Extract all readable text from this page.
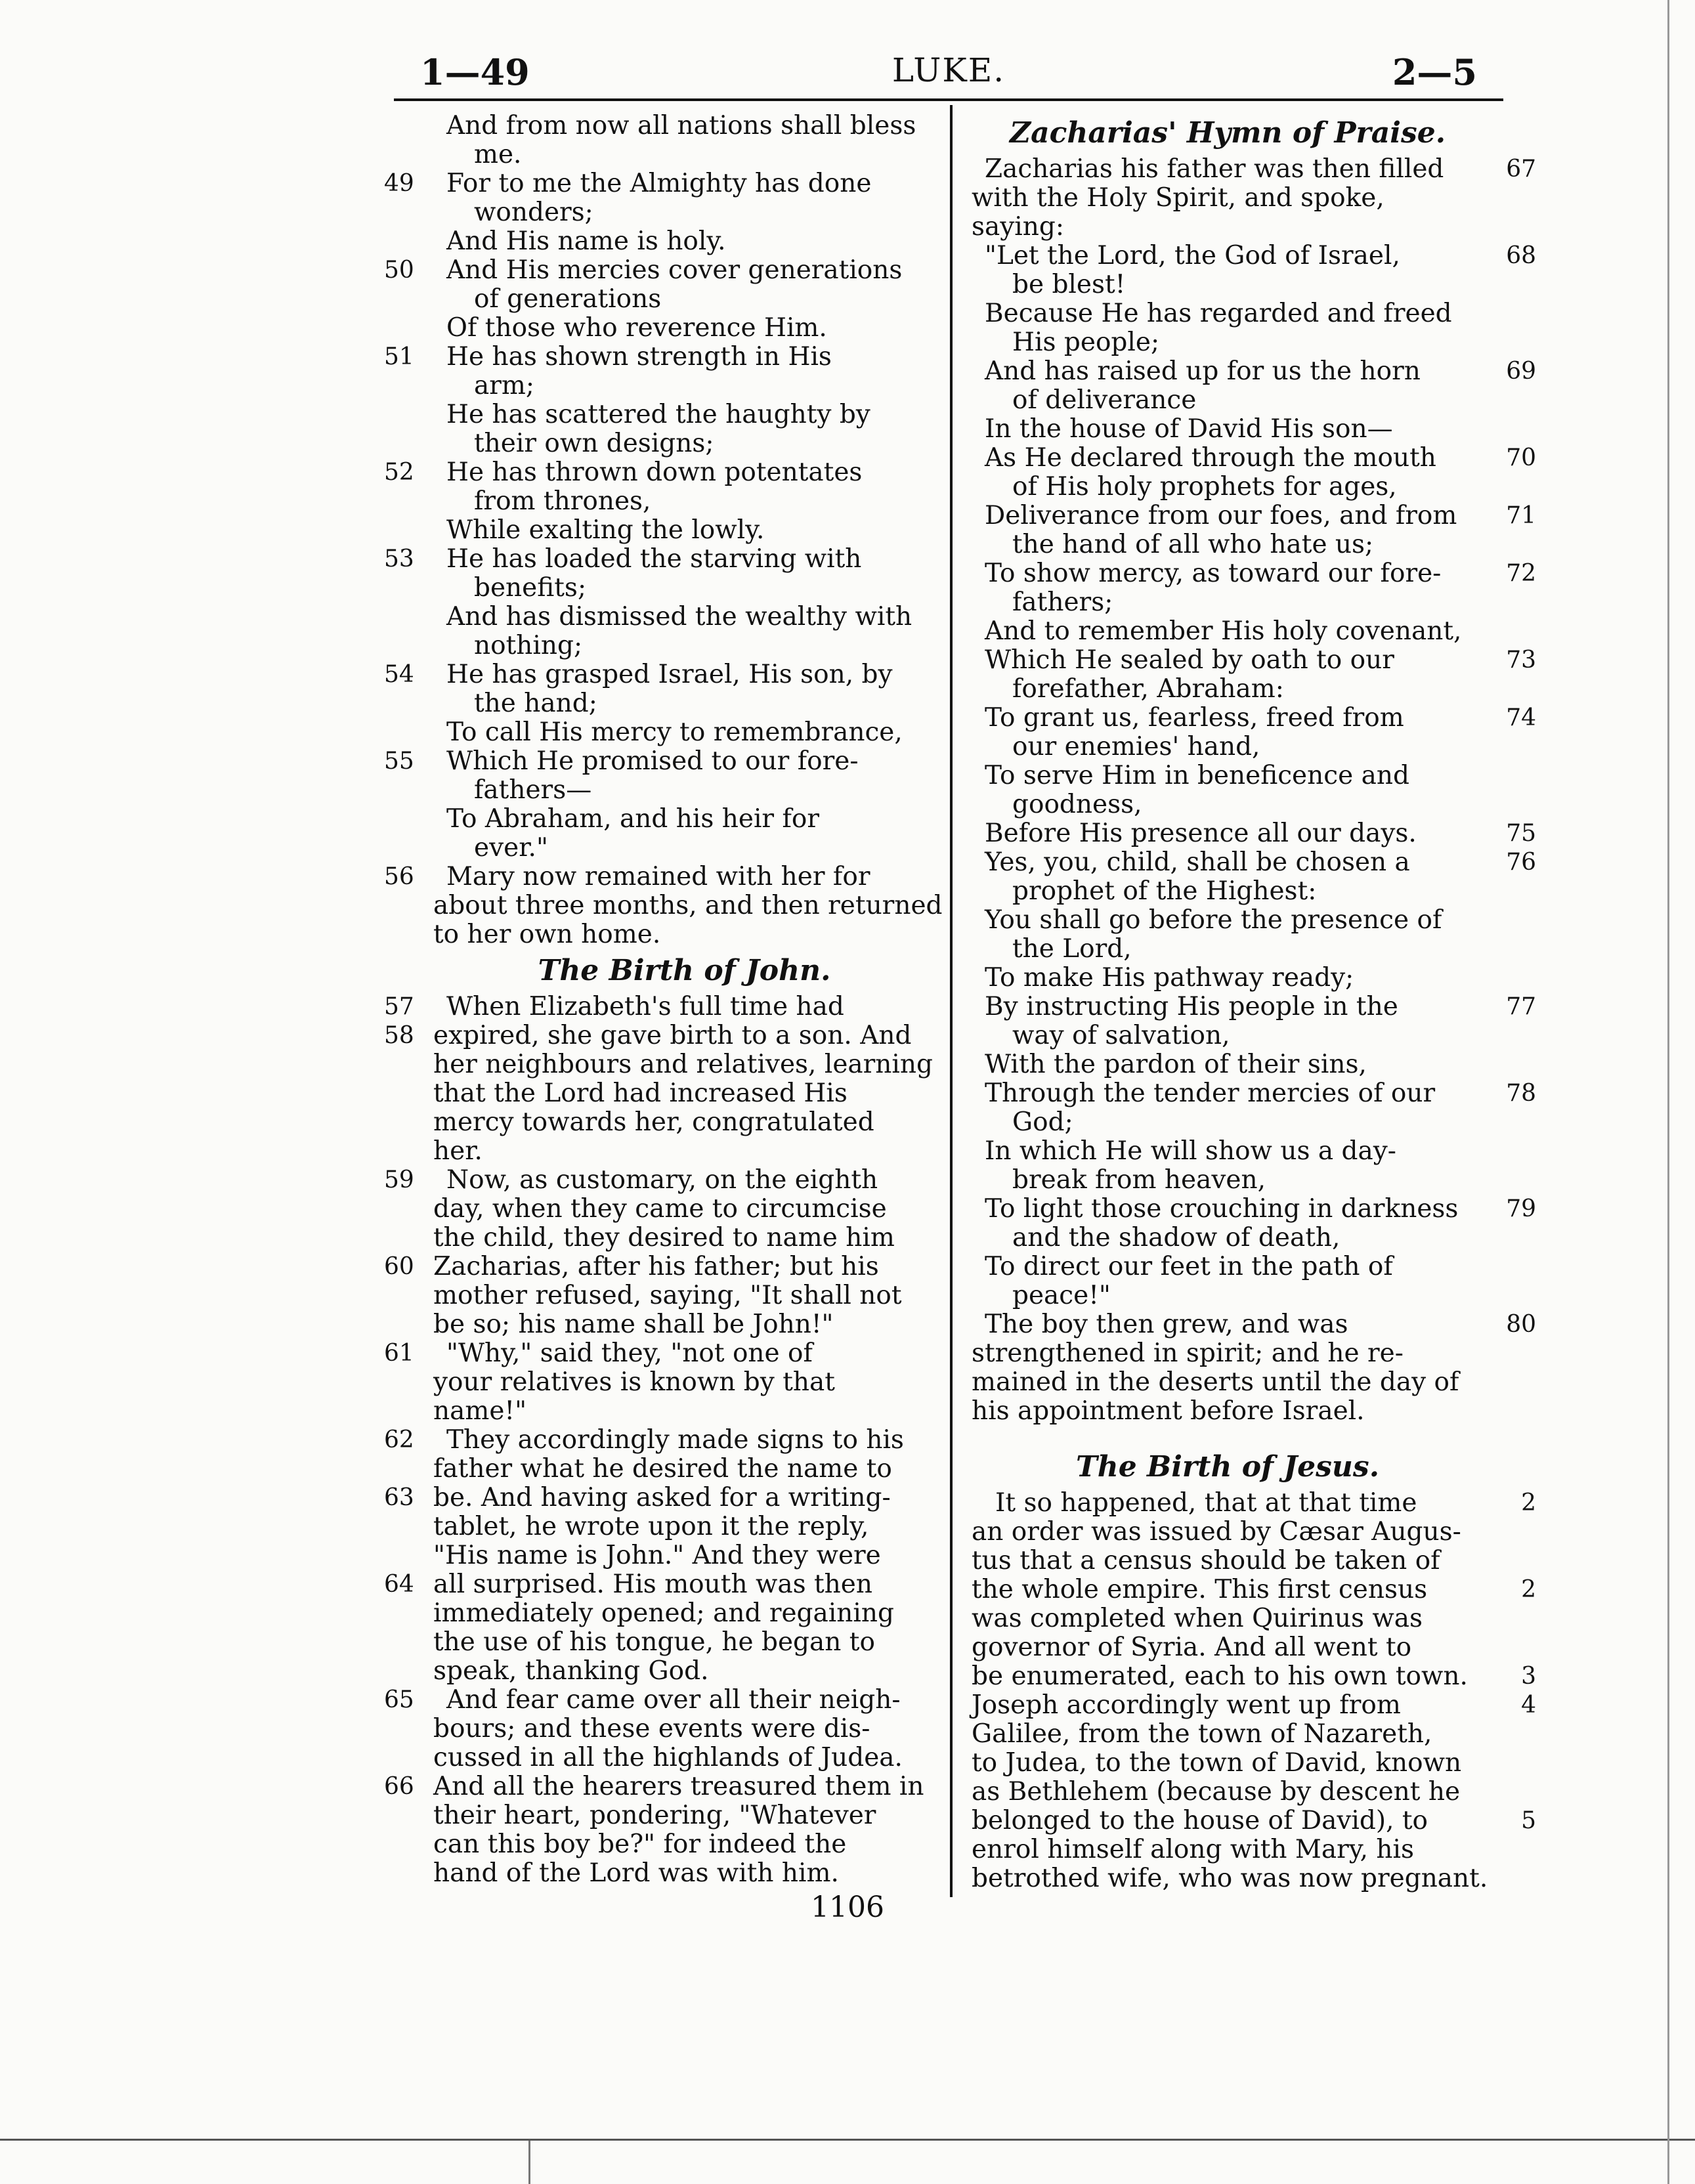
1—49	LUKE.	2—5
And from now all nations shall bless
me.
49	For to me the Almighty has done
wonders;
And His name is holy.
50	And His mercies cover generations
of generations
Of those who reverence Him.
51	He has shown strength in His
arm;
He has scattered the haughty by
their own designs;
52	He has thrown down potentates
from thrones,
While exalting the lowly.
53	He has loaded the starving with
benefits;
And has dismissed the wealthy with
nothing;
54	He has grasped Israel, His son, by
the hand;
To call His mercy to remembrance,
55	Which He promised to our fore-
fathers—
To Abraham, and his heir for
ever."
56	Mary now remained with her for
about three months, and then returned
to her own home.
The Birth of John.
57	When Elizabeth's full time had
58 expired, she gave birth to a son. And
her neighbours and relatives, learning
that the Lord had increased His
mercy towards her, congratulated
her.
59	Now, as customary, on the eighth
day, when they came to circumcise
the child, they desired to name him
60 Zacharias, after his father; but his
mother refused, saying, "It shall not
be so; his name shall be John!"
61	"Why," said they, "not one of
your relatives is known by that
name!"
62	They accordingly made signs to his
father what he desired the name to
63 be. And having asked for a writing-
tablet, he wrote upon it the reply,
"His name is John." And they were
64 all surprised. His mouth was then
immediately opened; and regaining
the use of his tongue, he began to
speak, thanking God.
65	And fear came over all their neigh-
bours; and these events were dis-
cussed in all the highlands of Judea.
66 And all the hearers treasured them in
their heart, pondering, "Whatever
can this boy be?" for indeed the
hand of the Lord was with him.
Zacharias' Hymn of Praise.
67
Zacharias his father was then filled
with the Holy Spirit, and spoke,
saying:
68
"Let the Lord, the God of Israel,
be blest!
Because He has regarded and freed
His people;
69
And has raised up for us the horn
of deliverance
In the house of David His son—
70
As He declared through the mouth
of His holy prophets for ages,
71
Deliverance from our foes, and from
the hand of all who hate us;
72
To show mercy, as toward our fore-
fathers;
And to remember His holy covenant,
73
Which He sealed by oath to our
forefather, Abraham:
74
To grant us, fearless, freed from
our enemies' hand,
To serve Him in beneficence and
goodness,
75
Before His presence all our days.
76
Yes, you, child, shall be chosen a
prophet of the Highest:
You shall go before the presence of
the Lord,
To make His pathway ready;
77
By instructing His people in the
way of salvation,
With the pardon of their sins,
78
Through the tender mercies of our
God;
In which He will show us a day-
break from heaven,
79
To light those crouching in darkness
and the shadow of death,
To direct our feet in the path of
peace!"
80
The boy then grew, and was
strengthened in spirit; and he re-
mained in the deserts until the day of
his appointment before Israel.
The Birth of Jesus.
2
It so happened, that at that time
an order was issued by Cæsar Augus-
tus that a census should be taken of
2
the whole empire. This first census
was completed when Quirinus was
governor of Syria. And all went to
3
be enumerated, each to his own town.
4
Joseph accordingly went up from
Galilee, from the town of Nazareth,
to Judea, to the town of David, known
as Bethlehem (because by descent he
5
belonged to the house of David), to
enrol himself along with Mary, his
betrothed wife, who was now pregnant.
1106
